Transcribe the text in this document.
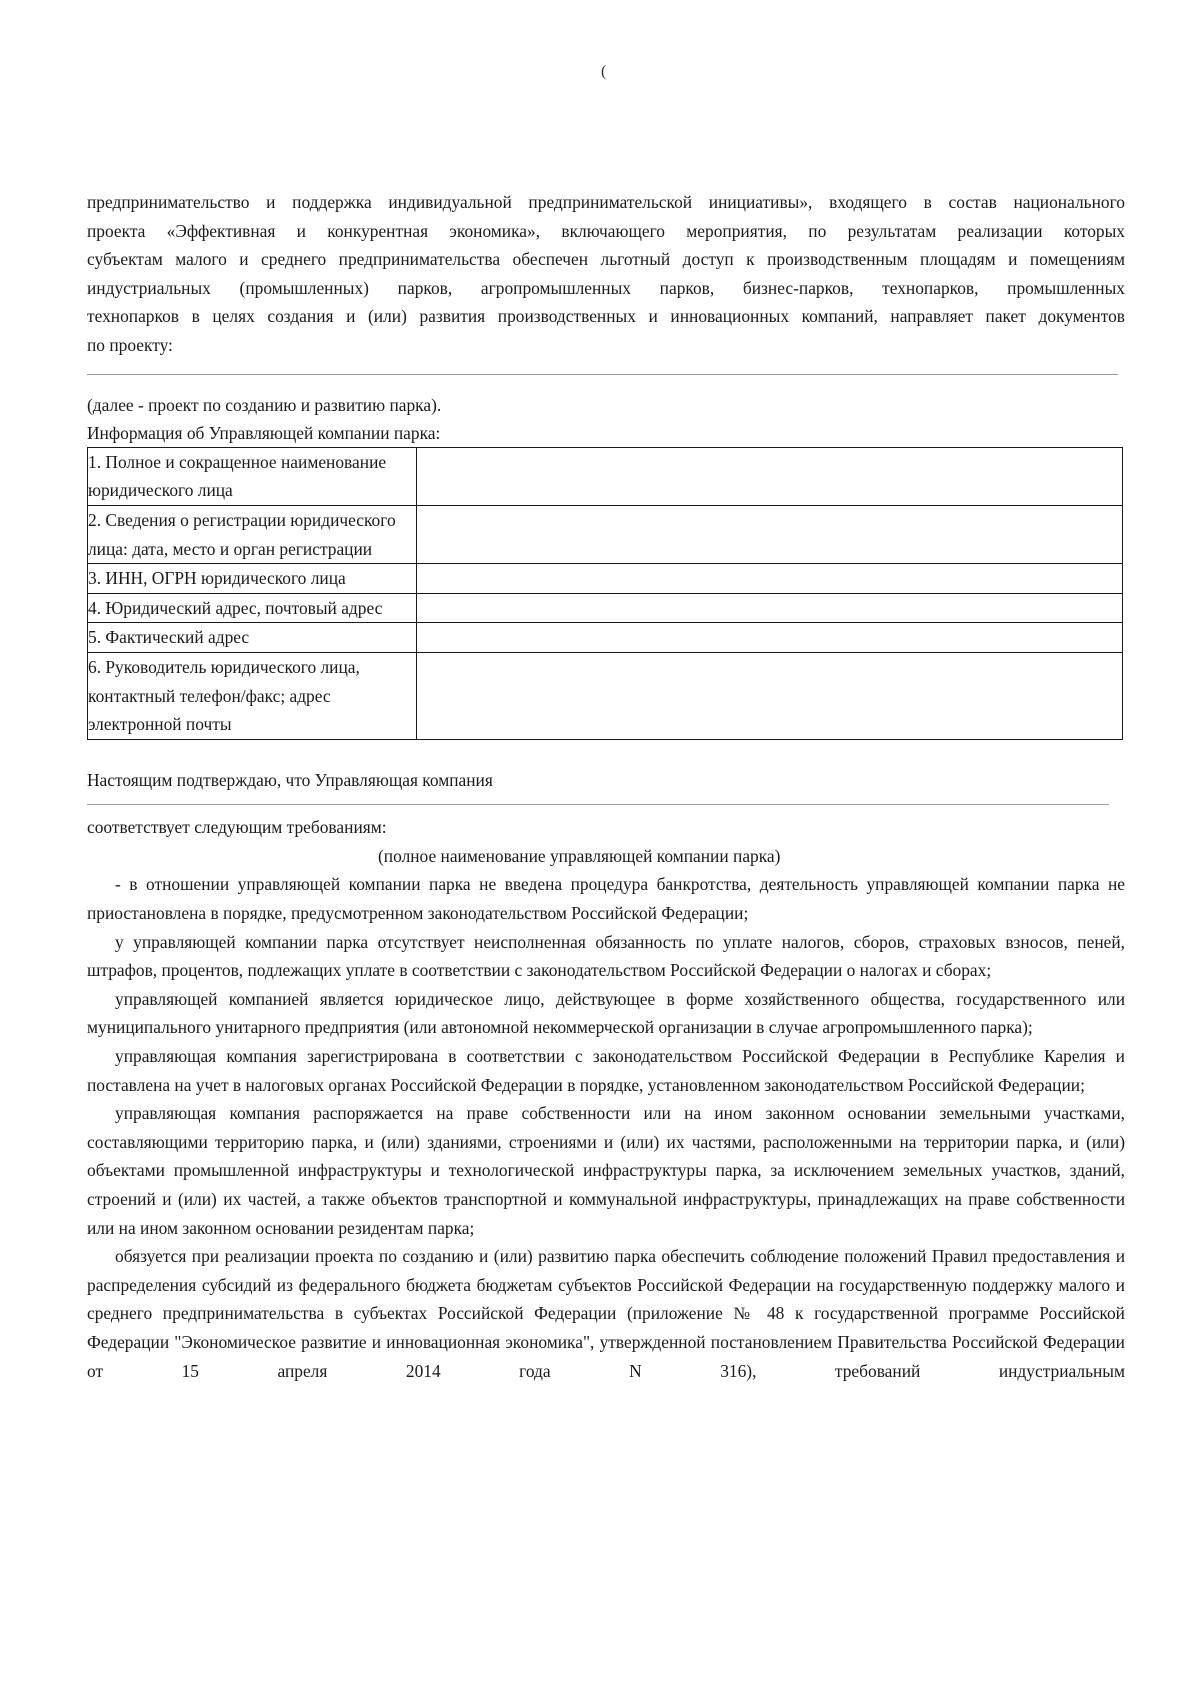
(

предпринимательство и поддержка индивидуальной предпринимательской инициативы», входящего в состав национального

проекта «Эффективная и конкурентная экономика», включающего мероприятия, по результатам реализации которых

субъектам малого и среднего предпринимательства обеспечен льготный доступ к производственным площадям и помещениям

индустриальных (промышленных) парков, агропромышленных парков, бизнес-парков, технопарков, промышленных

технопарков в целях создания и (или) развития производственных и инновационных компаний, направляет пакет документов

по проекту:

(далее - проект по созданию и развитию парка).

Информация об Управляющей компании парка:

1. Полное и сокращенное наименование юридического лица	
2. Сведения о регистрации юридического лица: дата, место и орган регистрации	
3. ИНН, ОГРН юридического лица	
4. Юридический адрес, почтовый адрес	
5. Фактический адрес	
6. Руководитель юридического лица, контактный телефон/факс; адрес электронной почты	

Настоящим подтверждаю, что Управляющая компания

соответствует следующим требованиям:

(полное наименование управляющей компании парка)

- в отношении управляющей компании парка не введена процедура банкротства, деятельность управляющей компании парка не приостановлена в порядке, предусмотренном законодательством Российской Федерации;

у управляющей компании парка отсутствует неисполненная обязанность по уплате налогов, сборов, страховых взносов, пеней, штрафов, процентов, подлежащих уплате в соответствии с законодательством Российской Федерации о налогах и сборах;

управляющей компанией является юридическое лицо, действующее в форме хозяйственного общества, государственного или муниципального унитарного предприятия (или автономной некоммерческой организации в случае агропромышленного парка);

управляющая компания зарегистрирована в соответствии с законодательством Российской Федерации в Республике Карелия и поставлена на учет в налоговых органах Российской Федерации в порядке, установленном законодательством Российской Федерации;

управляющая компания распоряжается на праве собственности или на ином законном основании земельными участками, составляющими территорию парка, и (или) зданиями, строениями и (или) их частями, расположенными на территории парка, и (или) объектами промышленной инфраструктуры и технологической инфраструктуры парка, за исключением земельных участков, зданий, строений и (или) их частей, а также объектов транспортной и коммунальной инфраструктуры, принадлежащих на праве собственности или на ином законном основании резидентам парка;

обязуется при реализации проекта по созданию и (или) развитию парка обеспечить соблюдение положений Правил предоставления и распределения субсидий из федерального бюджета бюджетам субъектов Российской Федерации на государственную поддержку малого и среднего предпринимательства в субъектах Российской Федерации (приложение № 48 к государственной программе Российской Федерации "Экономическое развитие и инновационная экономика", утвержденной постановлением Правительства Российской Федерации от 15 апреля 2014 года N 316), требований индустриальным
